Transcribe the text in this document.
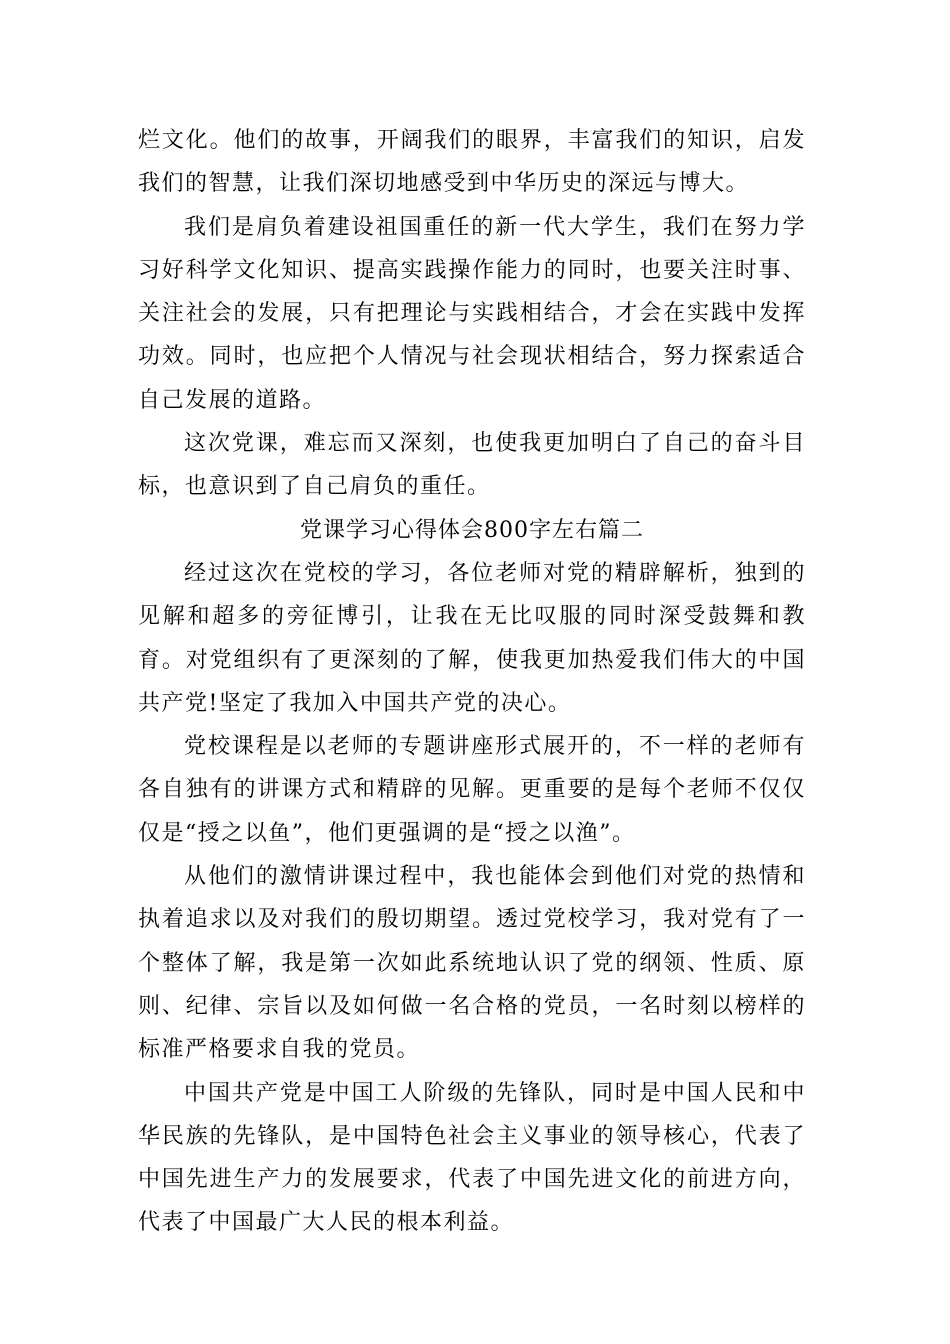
烂文化。他们的故事，开阔我们的眼界，丰富我们的知识，启发我们的智慧，让我们深切地感受到中华历史的深远与博大。

我们是肩负着建设祖国重任的新一代大学生，我们在努力学习好科学文化知识、提高实践操作能力的同时，也要关注时事、关注社会的发展，只有把理论与实践相结合，才会在实践中发挥功效。同时，也应把个人情况与社会现状相结合，努力探索适合自己发展的道路。

这次党课，难忘而又深刻，也使我更加明白了自己的奋斗目标，也意识到了自己肩负的重任。

党课学习心得体会800字左右篇二

经过这次在党校的学习，各位老师对党的精辟解析，独到的见解和超多的旁征博引，让我在无比叹服的同时深受鼓舞和教育。对党组织有了更深刻的了解，使我更加热爱我们伟大的中国共产党!坚定了我加入中国共产党的决心。

党校课程是以老师的专题讲座形式展开的，不一样的老师有各自独有的讲课方式和精辟的见解。更重要的是每个老师不仅仅仅是“授之以鱼”，他们更强调的是“授之以渔”。

从他们的激情讲课过程中，我也能体会到他们对党的热情和执着追求以及对我们的殷切期望。透过党校学习，我对党有了一个整体了解，我是第一次如此系统地认识了党的纲领、性质、原则、纪律、宗旨以及如何做一名合格的党员，一名时刻以榜样的标准严格要求自我的党员。

中国共产党是中国工人阶级的先锋队，同时是中国人民和中华民族的先锋队，是中国特色社会主义事业的领导核心，代表了中国先进生产力的发展要求，代表了中国先进文化的前进方向，代表了中国最广大人民的根本利益。
